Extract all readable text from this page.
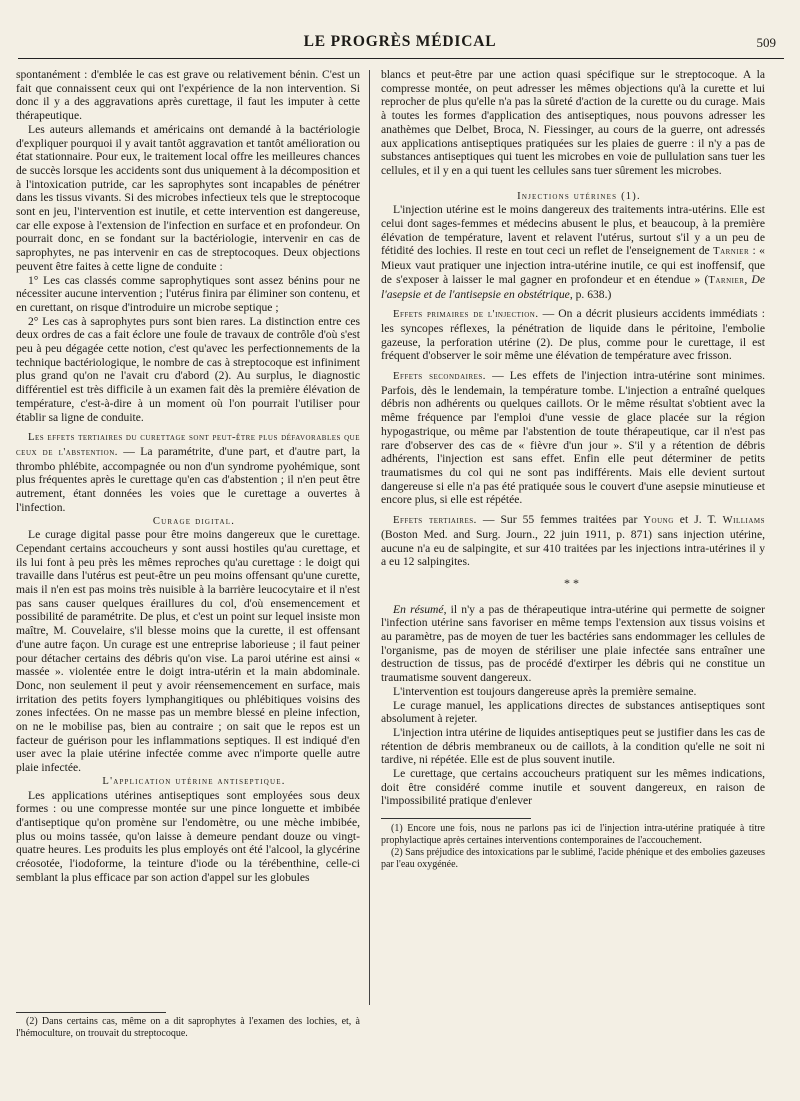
LE PROGRÈS MÉDICAL	509

spontanément : d'emblée le cas est grave ou relativement bénin. C'est un fait que connaissent ceux qui ont l'expérience de la non intervention. Si donc il y a des aggravations après curettage, il faut les imputer à cette thérapeutique.

Les auteurs allemands et américains ont demandé à la bactériologie d'expliquer pourquoi il y avait tantôt aggravation et tantôt amélioration ou état stationnaire. Pour eux, le traitement local offre les meilleures chances de succès lorsque les accidents sont dus uniquement à la décomposition et à l'intoxication putride, car les saprophytes sont incapables de pénétrer dans les tissus vivants. Si des microbes infectieux tels que le streptocoque sont en jeu, l'intervention est inutile, et cette intervention est dangereuse, car elle expose à l'extension de l'infection en surface et en profondeur. On pourrait donc, en se fondant sur la bactériologie, intervenir en cas de saprophytes, ne pas intervenir en cas de streptocoques. Deux objections peuvent être faites à cette ligne de conduite :

1° Les cas classés comme saprophytiques sont assez bénins pour ne nécessiter aucune intervention ; l'utérus finira par éliminer son contenu, et en curettant, on risque d'introduire un microbe septique ;

2° Les cas à saprophytes purs sont bien rares. La distinction entre ces deux ordres de cas a fait éclore une foule de travaux de contrôle d'où s'est peu à peu dégagée cette notion, c'est qu'avec les perfectionnements de la technique bactériologique, le nombre de cas à streptocoque est infiniment plus grand qu'on ne l'avait cru d'abord (2). Au surplus, le diagnostic différentiel est très difficile à un examen fait dès la première élévation de température, c'est-à-dire à un moment où l'on pourrait l'utiliser pour établir sa ligne de conduite.

Les effets tertiaires du curettage sont peut-être plus défavorables que ceux de l'abstention. — La paramétrite, d'une part, et d'autre part, la thrombo phlébite, accompagnée ou non d'un syndrome pyohémique, sont plus fréquentes après le curettage qu'en cas d'abstention ; il n'en peut être autrement, étant données les voies que le curettage a ouvertes à l'infection.

Curage digital.

Le curage digital passe pour être moins dangereux que le curettage. Cependant certains accoucheurs y sont aussi hostiles qu'au curettage, et ils lui font à peu près les mêmes reproches qu'au curettage : le doigt qui travaille dans l'utérus est peut-être un peu moins offensant qu'une curette, mais il n'en est pas moins très nuisible à la barrière leucocytaire et il n'est pas sans causer quelques éraillures du col, d'où ensemencement et possibilité de paramétrite. De plus, et c'est un point sur lequel insiste mon maître, M. Couvelaire, s'il blesse moins que la curette, il est offensant d'une autre façon. Un curage est une entreprise laborieuse ; il faut peiner pour détacher certains des débris qu'on vise. La paroi utérine est ainsi « massée ». violentée entre le doigt intra-utérin et la main abdominale. Donc, non seulement il peut y avoir réensemencement en surface, mais irritation des petits foyers lymphangitiques ou phlébitiques voisins des zones infectées. On ne masse pas un membre blessé en pleine infection, on ne le mobilise pas, bien au contraire ; on sait que le repos est un facteur de guérison pour les inflammations septiques. Il est indiqué d'en user avec la plaie utérine infectée comme avec n'importe quelle autre plaie infectée.

L'application utérine antiseptique.

Les applications utérines antiseptiques sont employées sous deux formes : ou une compresse montée sur une pince longuette et imbibée d'antiseptique qu'on promène sur l'endomètre, ou une mèche imbibée, plus ou moins tassée, qu'on laisse à demeure pendant douze ou vingt-quatre heures. Les produits les plus employés ont été l'alcool, la glycérine créosotée, l'iodoforme, la teinture d'iode ou la térébenthine, celle-ci semblant la plus efficace par son action d'appel sur les globules

(2) Dans certains cas, même on a dit saprophytes à l'examen des lochies, et, à l'hémoculture, on trouvait du streptocoque.

blancs et peut-être par une action quasi spécifique sur le streptocoque. A la compresse montée, on peut adresser les mêmes objections qu'à la curette et lui reprocher de plus qu'elle n'a pas la sûreté d'action de la curette ou du curage. Mais à toutes les formes d'application des antiseptiques, nous pouvons adresser les anathèmes que Delbet, Broca, N. Fiessinger, au cours de la guerre, ont adressés aux applications antiseptiques pratiquées sur les plaies de guerre : il n'y a pas de substances antiseptiques qui tuent les microbes en voie de pullulation sans tuer les cellules, et il y en a qui tuent les cellules sans tuer sûrement les microbes.

Injections utérines (1).

L'injection utérine est le moins dangereux des traitements intra-utérins. Elle est celui dont sages-femmes et médecins abusent le plus, et beaucoup, à la première élévation de température, lavent et relavent l'utérus, surtout s'il y a un peu de fétidité des lochies. Il reste en tout ceci un reflet de l'enseignement de Tarnier : « Mieux vaut pratiquer une injection intra-utérine inutile, ce qui est inoffensif, que de s'exposer à laisser le mal gagner en profondeur et en étendue » (Tarnier, De l'asepsie et de l'antisepsie en obstétrique, p. 638.)

Effets primaires de l'injection. — On a décrit plusieurs accidents immédiats : les syncopes réflexes, la pénétration de liquide dans le péritoine, l'embolie gazeuse, la perforation utérine (2). De plus, comme pour le curettage, il est fréquent d'observer le soir même une élévation de température avec frisson.

Effets secondaires. — Les effets de l'injection intra-utérine sont minimes. Parfois, dès le lendemain, la température tombe. L'injection a entraîné quelques débris non adhérents ou quelques caillots. Or le même résultat s'obtient avec la même fréquence par l'emploi d'une vessie de glace placée sur la région hypogastrique, ou même par l'abstention de toute thérapeutique, car il n'est pas rare d'observer des cas de « fièvre d'un jour ». S'il y a rétention de débris adhérents, l'injection est sans effet. Enfin elle peut déterminer de petits traumatismes du col qui ne sont pas indifférents. Mais elle devient surtout dangereuse si elle n'a pas été pratiquée sous le couvert d'une asepsie minutieuse et encore plus, si elle est répétée.

Effets tertiaires. — Sur 55 femmes traitées par Young et J. T. Williams (Boston Med. and Surg. Journ., 22 juin 1911, p. 871) sans injection utérine, aucune n'a eu de salpingite, et sur 410 traitées par les injections intra-utérines il y a eu 12 salpingites.

**

En résumé, il n'y a pas de thérapeutique intra-utérine qui permette de soigner l'infection utérine sans favoriser en même temps l'extension aux tissus voisins et au paramètre, pas de moyen de tuer les bactéries sans endommager les cellules de l'organisme, pas de moyen de stériliser une plaie infectée sans entraîner une destruction de tissus, pas de procédé d'extirper les débris qui ne constitue un traumatisme souvent dangereux.

L'intervention est toujours dangereuse après la première semaine.

Le curage manuel, les applications directes de substances antiseptiques sont absolument à rejeter.

L'injection intra utérine de liquides antiseptiques peut se justifier dans les cas de rétention de débris membraneux ou de caillots, à la condition qu'elle ne soit ni tardive, ni répétée. Elle est de plus souvent inutile.

Le curettage, que certains accoucheurs pratiquent sur les mêmes indications, doit être considéré comme inutile et souvent dangereux, en raison de l'impossibilité pratique d'enlever

(1) Encore une fois, nous ne parlons pas ici de l'injection intra-utérine pratiquée à titre prophylactique après certaines interventions contemporaines de l'accouchement.

(2) Sans préjudice des intoxications par le sublimé, l'acide phénique et des embolies gazeuses par l'eau oxygénée.
